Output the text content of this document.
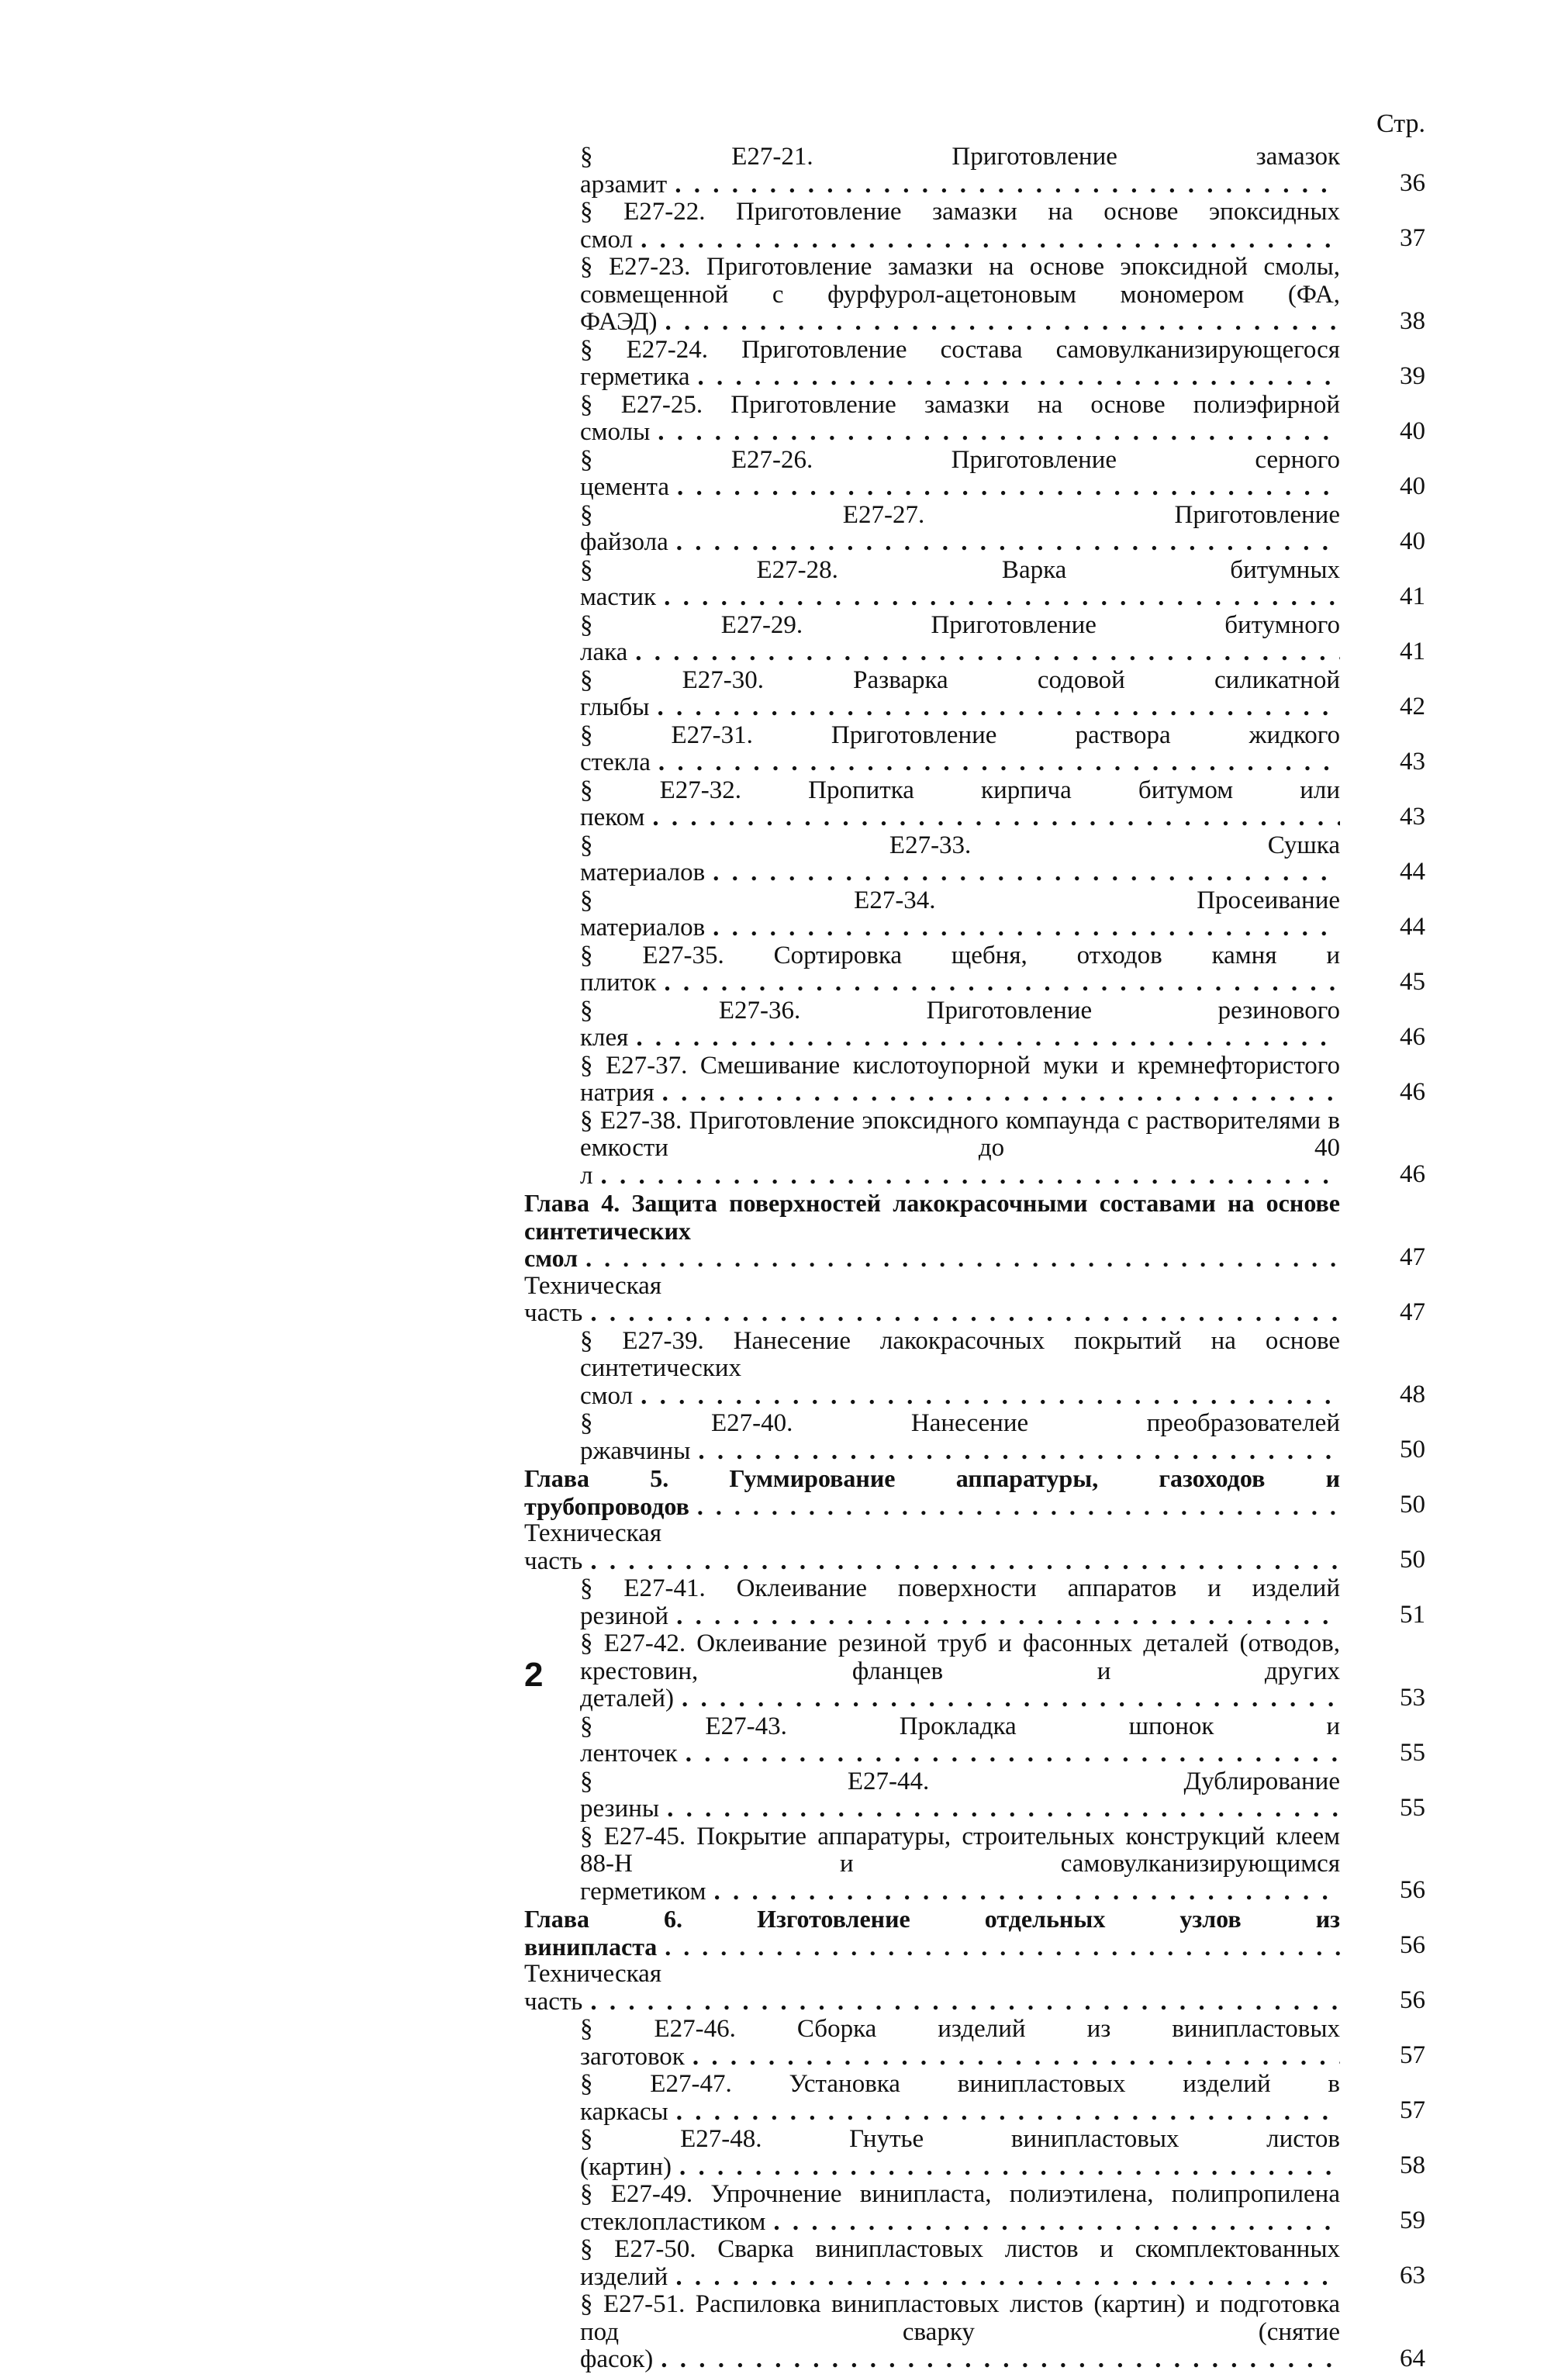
Стр.
§ Е27-21. Приготовление замазок арзамит . . .	36
§ Е27-22. Приготовление замазки на основе эпоксидных смол . . .	37
§ Е27-23. Приготовление замазки на основе эпоксидной смолы, совмещенной с фурфурол-ацетоновым мономером (ФА, ФАЭД) . . .	38
§ Е27-24. Приготовление состава самовулканизирующегося герметика . . .	39
§ Е27-25. Приготовление замазки на основе полиэфирной смолы . . .	40
§ Е27-26. Приготовление серного цемента . . .	40
§ Е27-27. Приготовление файзола . . .	40
§ Е27-28. Варка битумных мастик . . .	41
§ Е27-29. Приготовление битумного лака . . .	41
§ Е27-30. Разварка содовой силикатной глыбы . . .	42
§ Е27-31. Приготовление раствора жидкого стекла . . .	43
§ Е27-32. Пропитка кирпича битумом или пеком . . .	43
§ Е27-33. Сушка материалов . . .	44
§ Е27-34. Просеивание материалов . . .	44
§ Е27-35. Сортировка щебня, отходов камня и плиток . . .	45
§ Е27-36. Приготовление резинового клея . . .	46
§ Е27-37. Смешивание кислотоупорной муки и кремнефтористого натрия . . .	46
§ Е27-38. Приготовление эпоксидного компаунда с растворителями в емкости до 40 л . . .	46
Глава 4. Защита поверхностей лакокрасочными составами на основе синтетических смол . . .	47
Техническая часть . . .	47
§ Е27-39. Нанесение лакокрасочных покрытий на основе синтетических смол . . .	48
§ Е27-40. Нанесение преобразователей ржавчины . . .	50
Глава 5. Гуммирование аппаратуры, газоходов и трубопроводов . . .	50
Техническая часть . . .	50
§ Е27-41. Оклеивание поверхности аппаратов и изделий резиной . . .	51
§ Е27-42. Оклеивание резиной труб и фасонных деталей (отводов, крестовин, фланцев и других деталей) . . .	53
§ Е27-43. Прокладка шпонок и ленточек . . .	55
§ Е27-44. Дублирование резины . . .	55
§ Е27-45. Покрытие аппаратуры, строительных конструкций клеем 88-Н и самовулканизирующимся герметиком . . .	56
Глава 6. Изготовление отдельных узлов из винипласта . . .	56
Техническая часть . . .	56
§ Е27-46. Сборка изделий из винипластовых заготовок . . .	57
§ Е27-47. Установка винипластовых изделий в каркасы . . .	57
§ Е27-48. Гнутье винипластовых листов (картин) . . .	58
§ Е27-49. Упрочнение винипласта, полиэтилена, полипропилена стеклопластиком . . .	59
§ Е27-50. Сварка винипластовых листов и скомплектованных изделий . . .	63
§ Е27-51. Распиловка винипластовых листов (картин) и подготовка под сварку (снятие фасок) . . .	64
2
